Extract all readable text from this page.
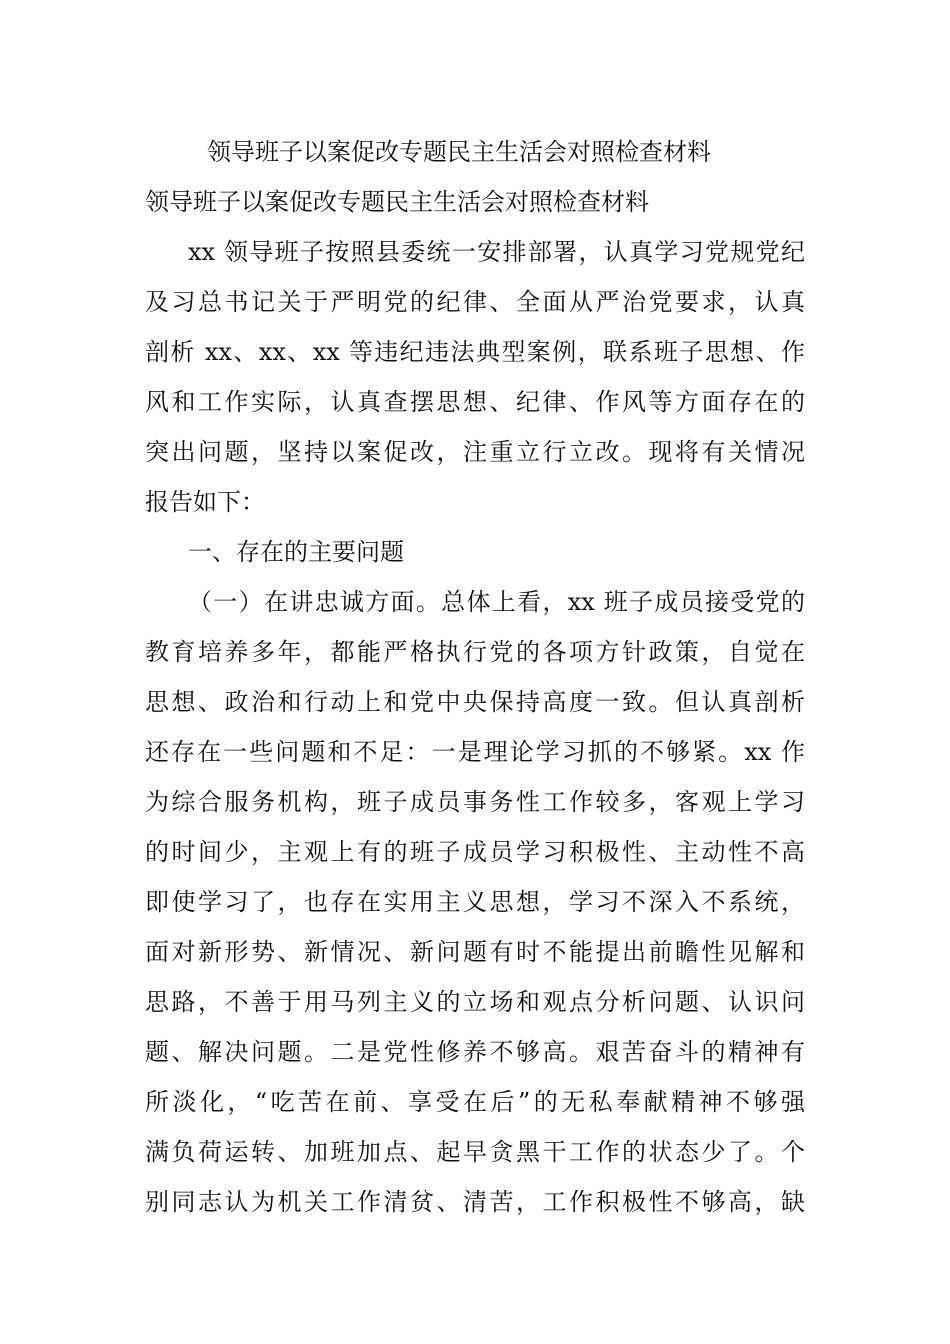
领导班子以案促改专题民主生活会对照检查材料
领导班子以案促改专题民主生活会对照检查材料
xx 领导班子按照县委统一安排部署，认真学习党规党纪
及习总书记关于严明党的纪律、全面从严治党要求，认真
剖析 xx、xx、xx 等违纪违法典型案例，联系班子思想、作
风和工作实际，认真查摆思想、纪律、作风等方面存在的
突出问题，坚持以案促改，注重立行立改。现将有关情况
报告如下：
一、存在的主要问题
（一）在讲忠诚方面。总体上看，xx 班子成员接受党的
教育培养多年，都能严格执行党的各项方针政策，自觉在
思想、政治和行动上和党中央保持高度一致。但认真剖析
还存在一些问题和不足：一是理论学习抓的不够紧。xx 作
为综合服务机构，班子成员事务性工作较多，客观上学习
的时间少，主观上有的班子成员学习积极性、主动性不高
即使学习了，也存在实用主义思想，学习不深入不系统，
面对新形势、新情况、新问题有时不能提出前瞻性见解和
思路，不善于用马列主义的立场和观点分析问题、认识问
题、解决问题。二是党性修养不够高。艰苦奋斗的精神有
所淡化，“吃苦在前、享受在后”的无私奉献精神不够强
满负荷运转、加班加点、起早贪黑干工作的状态少了。个
别同志认为机关工作清贫、清苦，工作积极性不够高，缺
